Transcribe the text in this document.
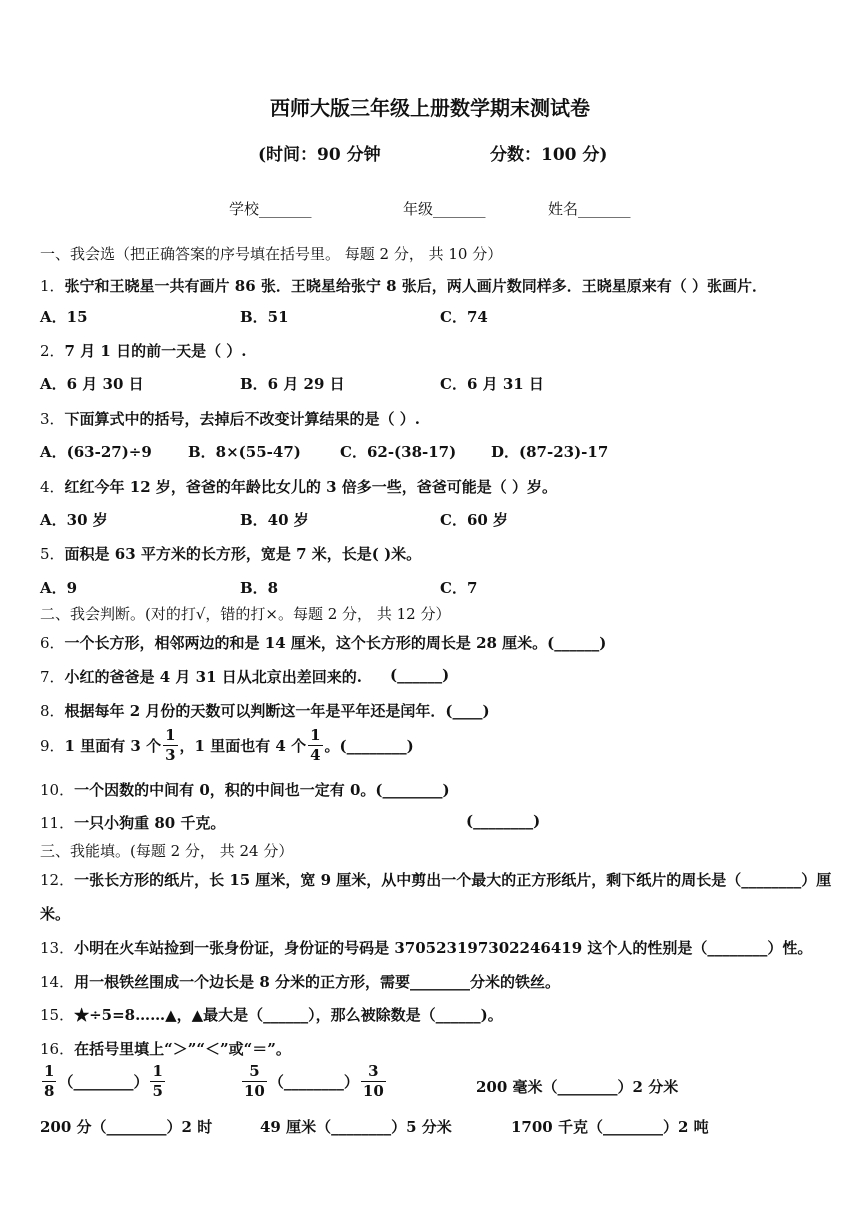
西师大版三年级上册数学期末测试卷
(时间：90 分钟	分数：100 分)
学校_______	年级_______	姓名_______
一、我会选（把正确答案的序号填在括号里。 每题 2 分， 共 10 分）
1．张宁和王晓星一共有画片 86 张．王晓星给张宁 8 张后，两人画片数同样多．王晓星原来有（ ）张画片．
A．15	B．51	C．74
2．7 月 1 日的前一天是（ ）.
A．6 月 30 日	B．6 月 29 日	C．6 月 31 日
3．下面算式中的括号，去掉后不改变计算结果的是（ ）.
A．(63-27)÷9 B．8×(55-47)	C．62-(38-17) D．(87-23)-17
4．红红今年 12 岁，爸爸的年龄比女儿的 3 倍多一些，爸爸可能是（ ）岁。
A．30 岁	B．40 岁	C．60 岁
5．面积是 63 平方米的长方形，宽是 7 米，长是( )米。
A．9	B．8	C．7
二、我会判断。(对的打√，错的打×。每题 2 分， 共 12 分）
6．一个长方形，相邻两边的和是 14 厘米，这个长方形的周长是 28 厘米。(______)
7．小红的爸爸是 4 月 31 日从北京出差回来的. (______)
8．根据每年 2 月份的天数可以判断这一年是平年还是闰年．(____)
9． 1 里面有 3 个 $\frac{1}{3}$ ，1 里面也有 4 个 $\frac{1}{4}$ 。(________)
10．一个因数的中间有 0，积的中间也一定有 0。(________)
11．一只小狗重 80 千克。	(________)
三、我能填。(每题 2 分， 共 24 分）
12．一张长方形的纸片，长 15 厘米，宽 9 厘米，从中剪出一个最大的正方形纸片，剩下纸片的周长是（________）厘
米。
13．小明在火车站捡到一张身份证，身份证的号码是 370523197302246419 这个人的性别是（________）性。
14．用一根铁丝围成一个边长是 8 分米的正方形，需要________分米的铁丝。
15．★÷5=8……▲，▲最大是（______），那么被除数是（______)。
16．在括号里填上“＞”“＜”或“＝”。
$\frac{1}{8}$ （________） $\frac{1}{5}$	$\frac{5}{10}$ （________） $\frac{3}{10}$	200 毫米（________）2 分米
200 分（________）2 时	49 厘米（________）5 分米	1700 千克（________）2 吨
